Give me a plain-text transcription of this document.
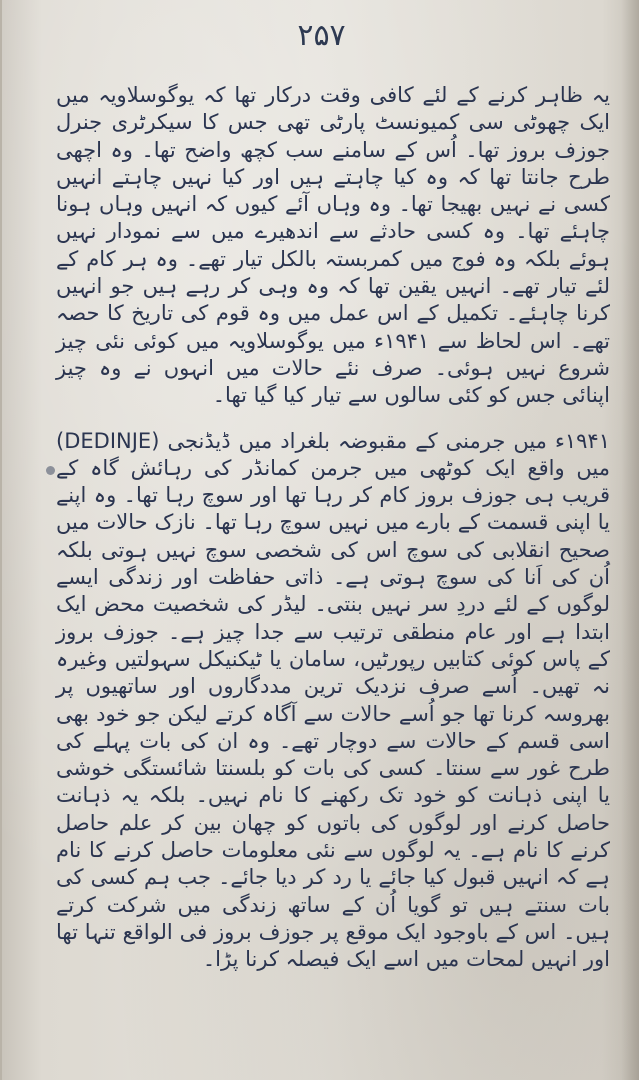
۲۵۷

یہ ظاہر کرنے کے لئے کافی وقت درکار تھا کہ یوگوسلاویہ میں ایک چھوٹی سی کمیونسٹ پارٹی تھی جس کا سیکرٹری جنرل جوزف بروز تھا۔ اُس کے سامنے سب کچھ واضح تھا۔ وہ اچھی طرح جانتا تھا کہ وہ کیا چاہتے ہیں اور کیا نہیں چاہتے انہیں کسی نے نہیں بھیجا تھا۔ وہ وہاں آئے کیوں کہ انہیں وہاں ہونا چاہئے تھا۔ وہ کسی حادثے سے اندھیرے میں سے نمودار نہیں ہوئے بلکہ وہ فوج میں کمربستہ بالکل تیار تھے۔ وہ ہر کام کے لئے تیار تھے۔ انہیں یقین تھا کہ وہ وہی کر رہے ہیں جو انہیں کرنا چاہئے۔ تکمیل کے اس عمل میں وہ قوم کی تاریخ کا حصہ تھے۔ اس لحاظ سے ۱۹۴۱ء میں یوگوسلاویہ میں کوئی نئی چیز شروع نہیں ہوئی۔ صرف نئے حالات میں انہوں نے وہ چیز اپنائی جس کو کئی سالوں سے تیار کیا گیا تھا۔

۱۹۴۱ء میں جرمنی کے مقبوضہ بلغراد میں ڈیڈنجی (DEDINJE) میں واقع ایک کوٹھی میں جرمن کمانڈر کی رہائش گاہ کے قریب ہی جوزف بروز کام کر رہا تھا اور سوچ رہا تھا۔ وہ اپنے یا اپنی قسمت کے بارے میں نہیں سوچ رہا تھا۔ نازک حالات میں صحیح انقلابی کی سوچ اس کی شخصی سوچ نہیں ہوتی بلکہ اُن کی اَنا کی سوچ ہوتی ہے۔ ذاتی حفاظت اور زندگی ایسے لوگوں کے لئے دردِ سر نہیں بنتی۔ لیڈر کی شخصیت محض ایک ابتدا ہے اور عام منطقی ترتیب سے جدا چیز ہے۔ جوزف بروز کے پاس کوئی کتابیں رپورٹیں، سامان یا ٹیکنیکل سہولتیں وغیرہ نہ تھیں۔ اُسے صرف نزدیک ترین مددگاروں اور ساتھیوں پر بھروسہ کرنا تھا جو اُسے حالات سے آگاہ کرتے لیکن جو خود بھی اسی قسم کے حالات سے دوچار تھے۔ وہ ان کی بات پہلے کی طرح غور سے سنتا۔ کسی کی بات کو بلسنتا شائستگی خوشی یا اپنی ذہانت کو خود تک رکھنے کا نام نہیں۔ بلکہ یہ ذہانت حاصل کرنے اور لوگوں کی باتوں کو چھان بین کر علم حاصل کرنے کا نام ہے۔ یہ لوگوں سے نئی معلومات حاصل کرنے کا نام ہے کہ انہیں قبول کیا جائے یا رد کر دیا جائے۔ جب ہم کسی کی بات سنتے ہیں تو گویا اُن کے ساتھ زندگی میں شرکت کرتے ہیں۔ اس کے باوجود ایک موقع پر جوزف بروز فی الواقع تنہا تھا اور انہیں لمحات میں اسے ایک فیصلہ کرنا پڑا۔
